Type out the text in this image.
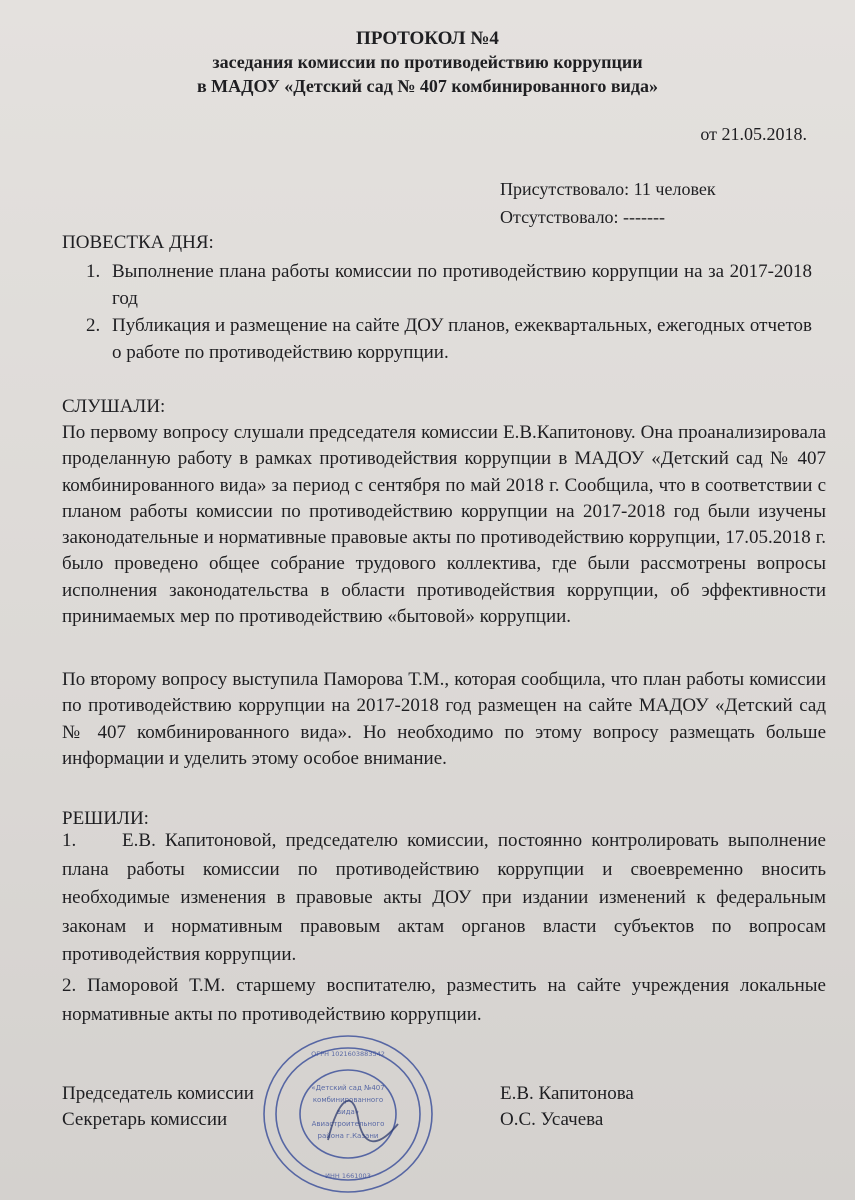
ПРОТОКОЛ №4
заседания комиссии по противодействию коррупции
в МАДОУ «Детский сад № 407 комбинированного вида»
от 21.05.2018.
Присутствовало: 11 человек
Отсутствовало: -------
ПОВЕСТКА ДНЯ:
1. Выполнение плана работы комиссии по противодействию коррупции на за 2017-2018 год
2. Публикация и размещение на сайте ДОУ планов, ежеквартальных, ежегодных отчетов о работе по противодействию коррупции.
СЛУШАЛИ:
По первому вопросу слушали председателя комиссии Е.В.Капитонову. Она проанализировала проделанную работу в рамках противодействия коррупции в МАДОУ «Детский сад № 407 комбинированного вида» за период с сентября по май 2018 г. Сообщила, что в соответствии с планом работы комиссии по противодействию коррупции на 2017-2018 год были изучены законодательные и нормативные правовые акты по противодействию коррупции, 17.05.2018 г. было проведено общее собрание трудового коллектива, где были рассмотрены вопросы исполнения законодательства в области противодействия коррупции, об эффективности принимаемых мер по противодействию «бытовой» коррупции.
По второму вопросу выступила Паморова Т.М., которая сообщила, что план работы комиссии по противодействию коррупции на 2017-2018 год размещен на сайте МАДОУ «Детский сад № 407 комбинированного вида». Но необходимо по этому вопросу размещать больше информации и уделить этому особое внимание.
РЕШИЛИ:
1.     Е.В. Капитоновой, председателю комиссии, постоянно контролировать выполнение плана работы комиссии по противодействию коррупции и своевременно вносить необходимые изменения в правовые акты ДОУ при издании изменений к федеральным законам и нормативным правовым актам органов власти субъектов по вопросам противодействия коррупции.
2. Паморовой Т.М. старшему воспитателю, разместить на сайте учреждения локальные нормативные акты по противодействию коррупции.
Председатель комиссии	Е.В. Капитонова
Секретарь комиссии	О.С. Усачева
«Детский сад №407
комбинированного
вида»
Авиастроительного
района г.Казани
ОГРН 1021603883542
ИНН 1661003
